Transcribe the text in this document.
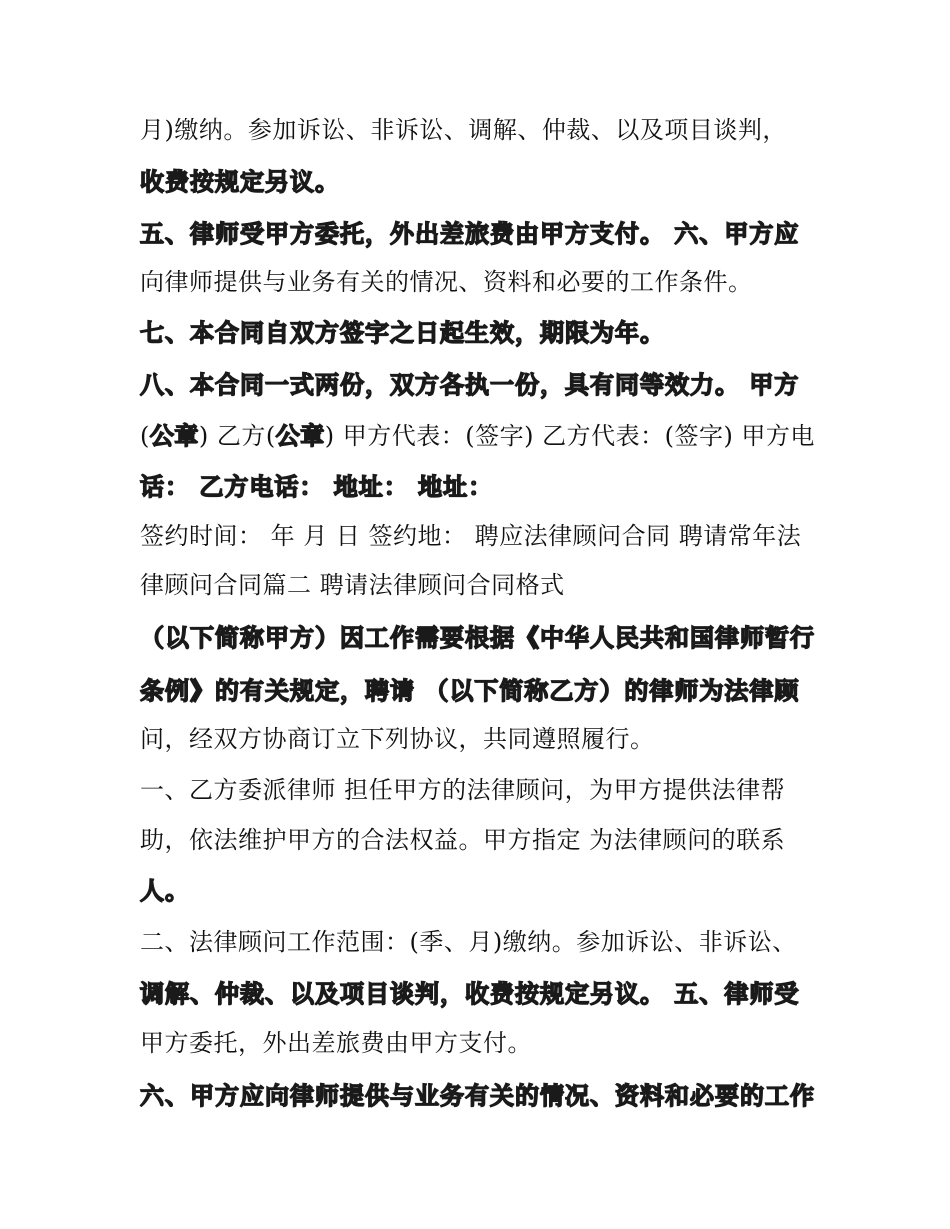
月)缴纳。参加诉讼、非诉讼、调解、仲裁、以及项目谈判，
收费按规定另议。
五、律师受甲方委托，外出差旅费由甲方支付。 六、甲方应
向律师提供与业务有关的情况、资料和必要的工作条件。
七、本合同自双方签字之日起生效，期限为年。
八、本合同一式两份，双方各执一份，具有同等效力。 甲方
(公章) 乙方(公章) 甲方代表：(签字) 乙方代表：(签字) 甲方电
话： 乙方电话： 地址： 地址：
签约时间： 年 月 日 签约地： 聘应法律顾问合同 聘请常年法
律顾问合同篇二 聘请法律顾问合同格式
（以下简称甲方）因工作需要根据《中华人民共和国律师暂行
条例》的有关规定，聘请 （以下简称乙方）的律师为法律顾
问，经双方协商订立下列协议，共同遵照履行。
一、乙方委派律师 担任甲方的法律顾问，为甲方提供法律帮
助，依法维护甲方的合法权益。甲方指定 为法律顾问的联系
人。
二、法律顾问工作范围：(季、月)缴纳。参加诉讼、非诉讼、
调解、仲裁、以及项目谈判，收费按规定另议。 五、律师受
甲方委托，外出差旅费由甲方支付。
六、甲方应向律师提供与业务有关的情况、资料和必要的工作
